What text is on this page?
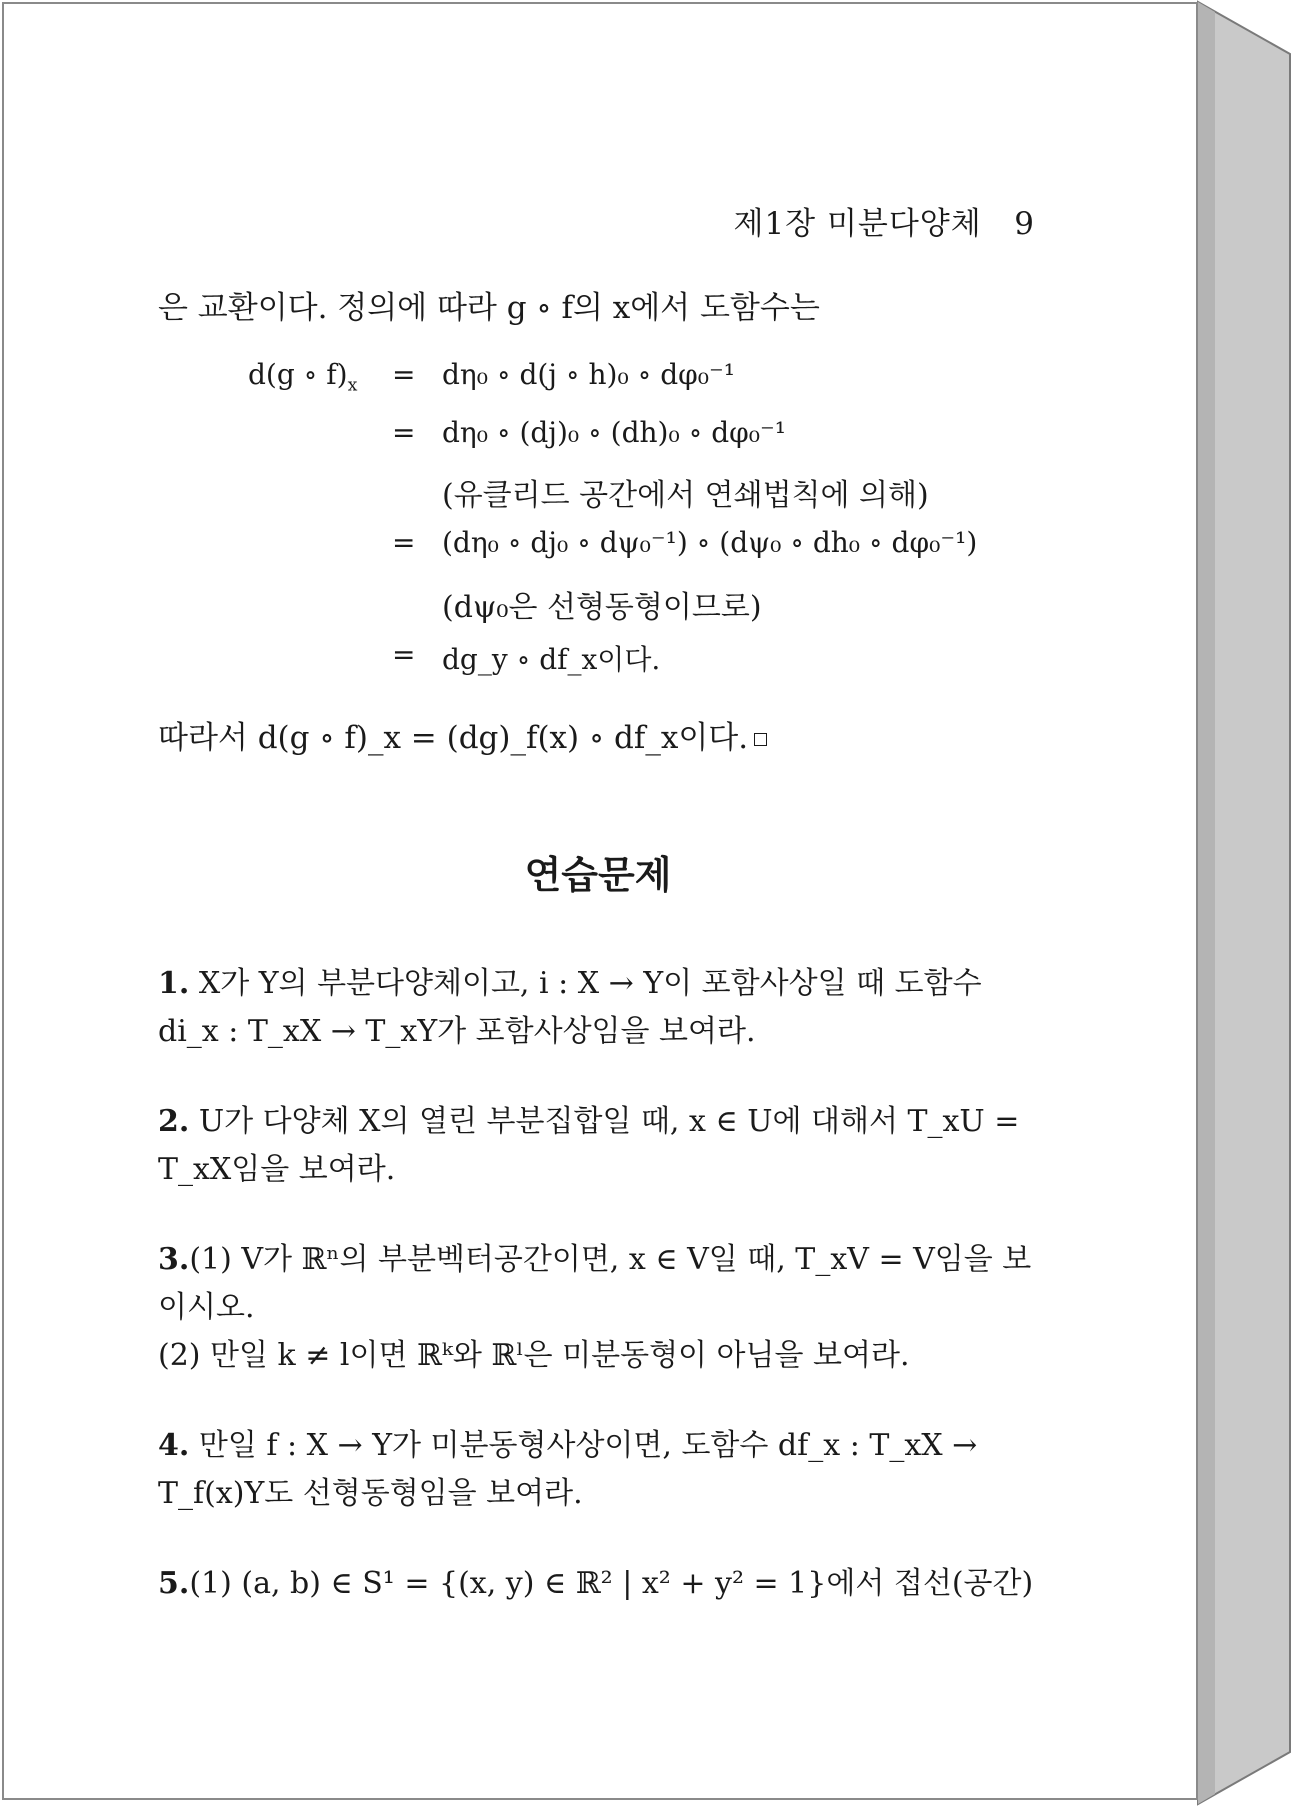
제1장 미분다양체 9
은 교환이다. 정의에 따라 g ∘ f의 x에서 도함수는
d(g ∘ $f)_x = d\eta_0$ ∘ d(j ∘ h)₀ ∘ dφ₀⁻¹
= dη₀ ∘ (dj)₀ ∘ (dh)₀ ∘ dφ₀⁻¹
(유클리드 공간에서 연쇄법칙에 의해)
= (dη₀ ∘ dj₀ ∘ dψ₀⁻¹) ∘ (dψ₀ ∘ dh₀ ∘ dφ₀⁻¹)
(dψ₀은 선형동형이므로)
= dg_y ∘ df_x이다.
따라서 d(g ∘ f)_x = (dg)_f(x) ∘ df_x이다.
연습문제
1. X가 Y의 부분다양체이고, i : X → Y이 포함사상일 때 도함수 di_x : T_xX → T_xY가 포함사상임을 보여라.
2. U가 다양체 X의 열린 부분집합일 때, x ∈ U에 대해서 T_xU = T_xX임을 보여라.
3.(1) V가 ℝⁿ의 부분벡터공간이면, x ∈ V일 때, T_xV = V임을 보이시오.
(2) 만일 k ≠ l이면 ℝᵏ와 ℝˡ은 미분동형이 아님을 보여라.
4. 만일 f : X → Y가 미분동형사상이면, 도함수 df_x : T_xX → T_f(x)Y도 선형동형임을 보여라.
5.(1) (a, b) ∈ S¹ = {(x, y) ∈ ℝ² | x² + y² = 1}에서 접선(공간)
